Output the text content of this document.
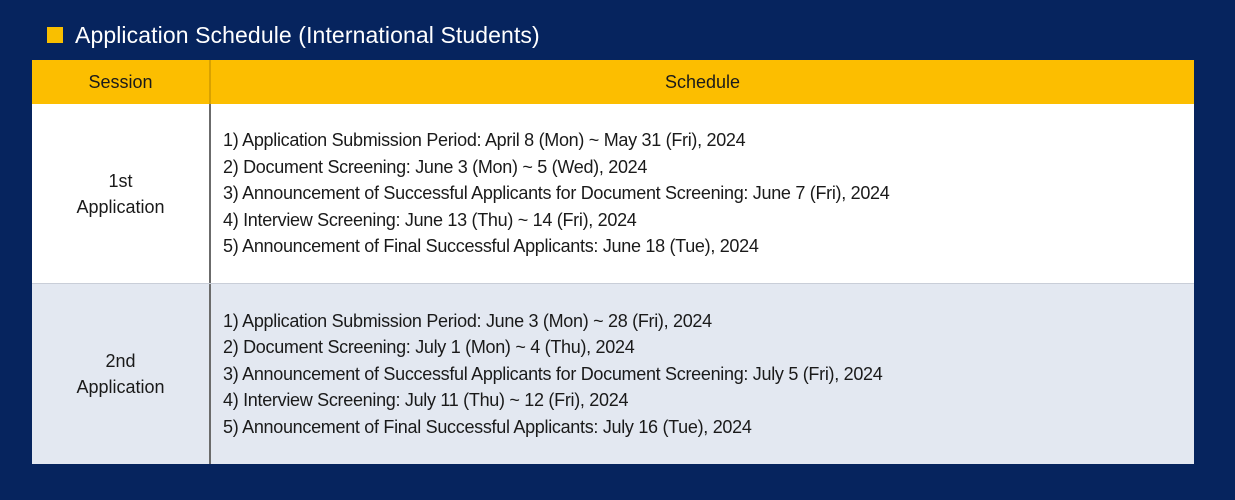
Application Schedule (International Students)
Session	Schedule
1st
Application
1) Application Submission Period: April 8 (Mon) ~ May 31 (Fri), 2024
2) Document Screening: June 3 (Mon) ~ 5 (Wed), 2024
3) Announcement of Successful Applicants for Document Screening: June 7 (Fri), 2024
4) Interview Screening: June 13 (Thu) ~ 14 (Fri), 2024
5) Announcement of Final Successful Applicants: June 18 (Tue), 2024
2nd
Application
1) Application Submission Period: June 3 (Mon) ~ 28 (Fri), 2024
2) Document Screening: July 1 (Mon) ~ 4 (Thu), 2024
3) Announcement of Successful Applicants for Document Screening: July 5 (Fri), 2024
4) Interview Screening: July 11 (Thu) ~ 12 (Fri), 2024
5) Announcement of Final Successful Applicants: July 16 (Tue), 2024
